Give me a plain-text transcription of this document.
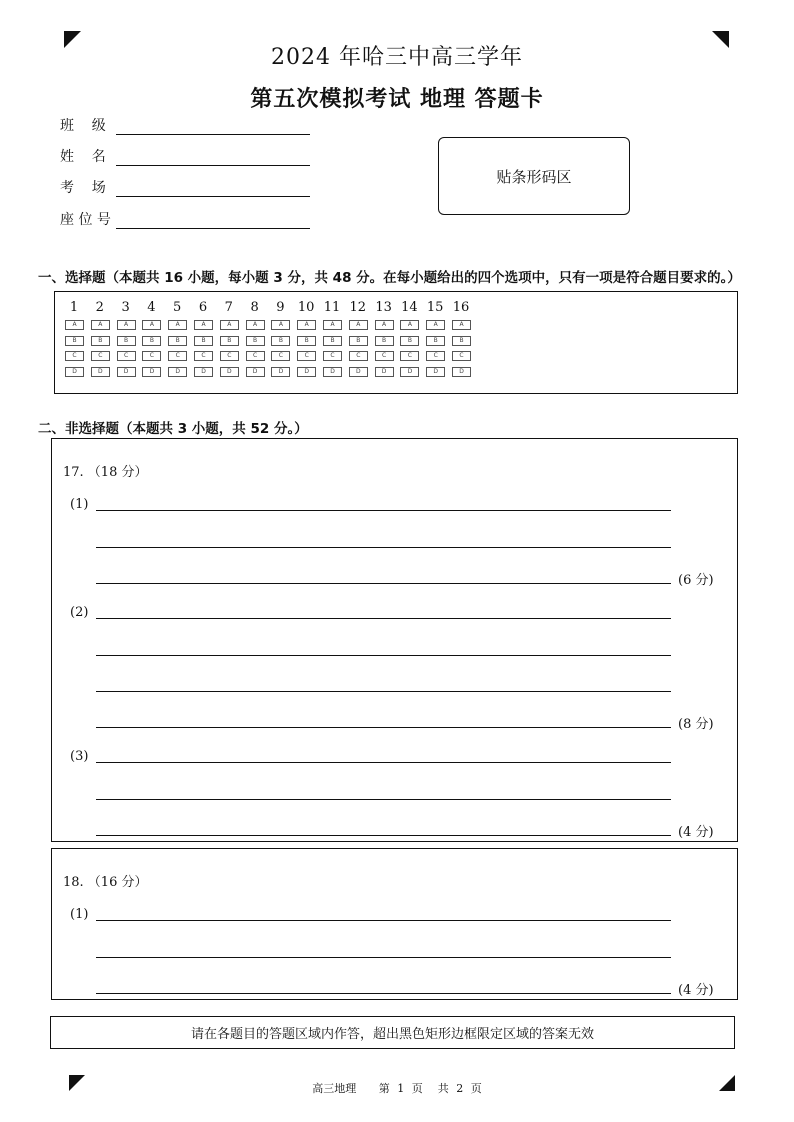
2024 年哈三中高三学年
第五次模拟考试 地理 答题卡
班    级
姓    名
考    场
座 位 号
贴条形码区
一、选择题（本题共 16 小题，每小题 3 分，共 48 分。在每小题给出的四个选项中，只有一项是符合题目要求的。）
1
A
B
C
D
2
A
B
C
D
3
A
B
C
D
4
A
B
C
D
5
A
B
C
D
6
A
B
C
D
7
A
B
C
D
8
A
B
C
D
9
A
B
C
D
10
A
B
C
D
11
A
B
C
D
12
A
B
C
D
13
A
B
C
D
14
A
B
C
D
15
A
B
C
D
16
A
B
C
D
二、非选择题（本题共 3 小题，共 52 分。）
17. （18 分）
(1)
(6 分)
(2)
(8 分)
(3)
(4 分)
18. （16 分）
(1)
(4 分)
请在各题目的答题区域内作答，超出黑色矩形边框限定区域的答案无效
高三地理   第 1 页  共 2 页
